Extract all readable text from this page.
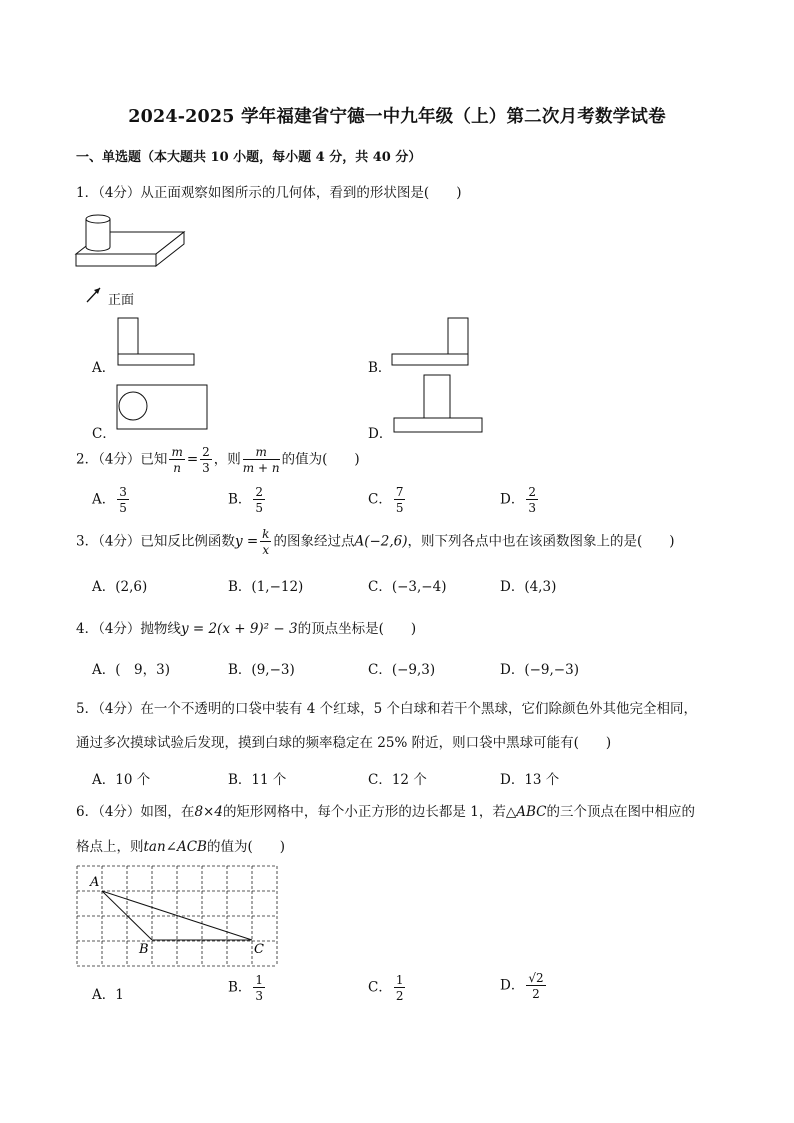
2024-2025 学年福建省宁德一中九年级（上）第二次月考数学试卷
一、单选题（本大题共 10 小题，每小题 4 分，共 40 分）
1．（4分）从正面观察如图所示的几何体，看到的形状图是(　　)
正面
A．	B．
C．	D．
2．（4分）已知 $\frac{m}{n} = \frac{2}{3}$ ，则 $\frac{m}{m + n}$ 的值为(　　)
A． $\frac{3}{5}$	B． $\frac{2}{5}$	C． $\frac{7}{5}$	D． $\frac{2}{3}$
3．（4分）已知反比例函数$y = \frac{k}{x}$ 的图象经过点A(−2,6)，则下列各点中也在该函数图象上的是(　　)
A．(2,6)	B．(1,−12)	C．(−3,−4)	D．(4,3)
4．（4分）抛物线y = 2(x + 9)² − 3的顶点坐标是(　　)
A．(　9，3)	B．(9,−3)	C．(−9,3)	D．(−9,−3)
5．（4分）在一个不透明的口袋中装有 4 个红球，5 个白球和若干个黑球，它们除颜色外其他完全相同，
通过多次摸球试验后发现，摸到白球的频率稳定在 25% 附近，则口袋中黑球可能有(　　)
A．10 个	B．11 个	C．12 个	D．13 个
6．（4分）如图，在8×4的矩形网格中，每个小正方形的边长都是 1，若△ABC的三个顶点在图中相应的
格点上，则tan∠ACB的值为(　　)
A
B	C
A．1	B． $\frac{1}{3}$	C． $\frac{1}{2}$	D． $\frac{√2}{2}$
